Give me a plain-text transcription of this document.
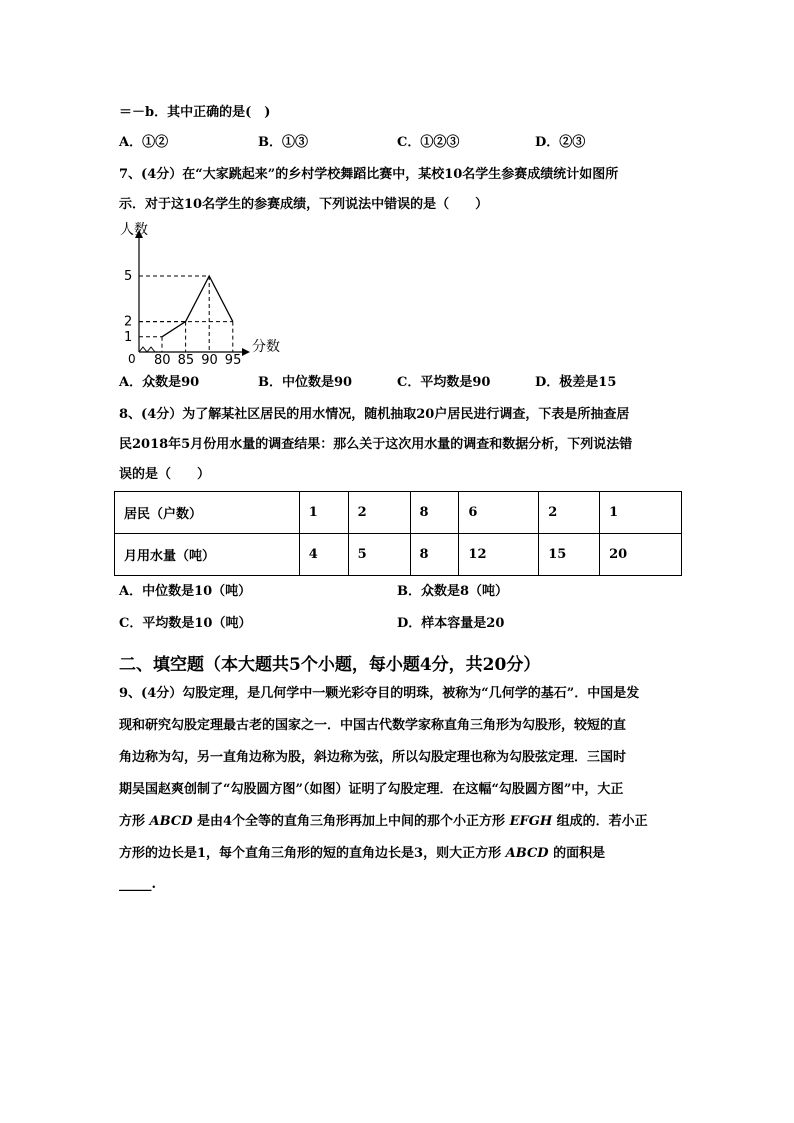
＝－b．其中正确的是(　)
A．①②	B．①③	C．①②③	D．②③
7、(4分）在“大家跳起来”的乡村学校舞蹈比赛中，某校10名学生参赛成绩统计如图所
示．对于这10名学生的参赛成绩，下列说法中错误的是（　　）
1
2
5
80 85 90 95
人数
分数
0
A．众数是90	B．中位数是90	C．平均数是90	D．极差是15
8、(4分）为了解某社区居民的用水情况，随机抽取20户居民进行调查，下表是所抽查居
民2018年5月份用水量的调查结果：那么关于这次用水量的调查和数据分析，下列说法错
误的是（　　）
居民（户数）	1	2	8	6	2	1
月用水量（吨）	4	5	8	12	15	20
A．中位数是10（吨）	B．众数是8（吨）
C．平均数是10（吨）	D．样本容量是20
二、填空题（本大题共5个小题，每小题4分，共20分）
9、(4分）勾股定理，是几何学中一颗光彩夺目的明珠，被称为“几何学的基石”．中国是发
现和研究勾股定理最古老的国家之一．中国古代数学家称直角三角形为勾股形，较短的直
角边称为勾，另一直角边称为股，斜边称为弦，所以勾股定理也称为勾股弦定理．三国时
期吴国赵爽创制了“勾股圆方图”（如图）证明了勾股定理．在这幅“勾股圆方图”中，大正
方形 ABCD 是由4个全等的直角三角形再加上中间的那个小正方形 EFGH 组成的．若小正
方形的边长是1，每个直角三角形的短的直角边长是3，则大正方形 ABCD 的面积是
_____.
